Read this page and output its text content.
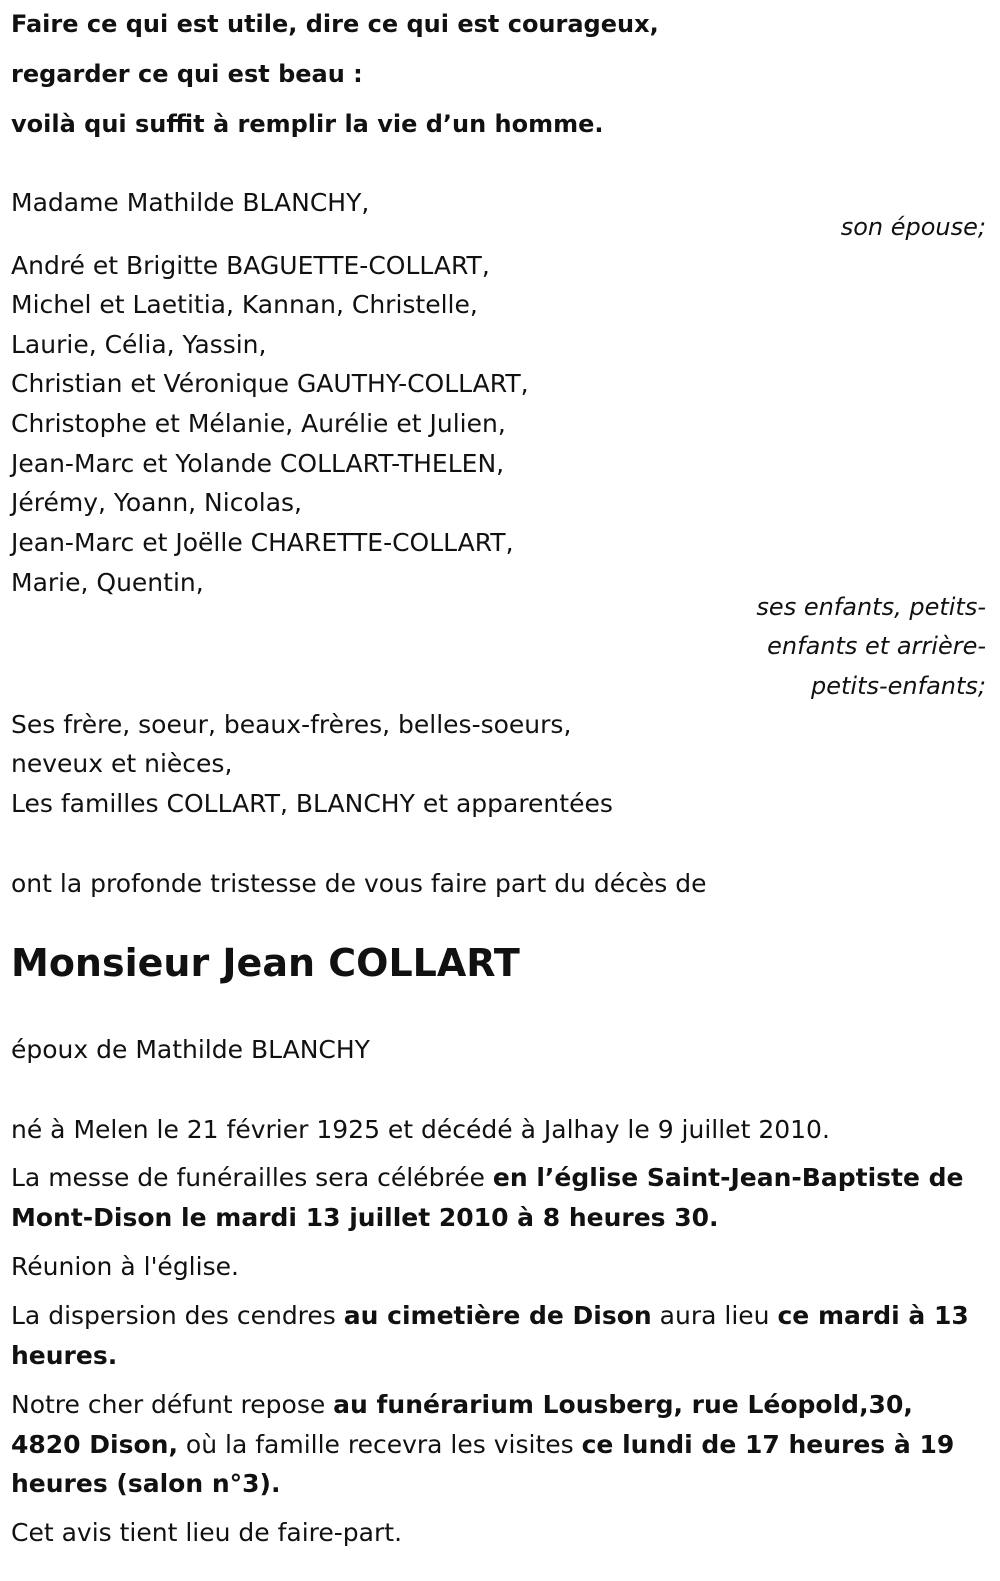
Faire ce qui est utile, dire ce qui est courageux,
regarder ce qui est beau :
voilà qui suffit à remplir la vie d’un homme.
Madame Mathilde BLANCHY,
son épouse;
André et Brigitte BAGUETTE-COLLART,
Michel et Laetitia, Kannan, Christelle,
Laurie, Célia, Yassin,
Christian et Véronique GAUTHY-COLLART,
Christophe et Mélanie, Aurélie et Julien,
Jean-Marc et Yolande COLLART-THELEN,
Jérémy, Yoann, Nicolas,
Jean-Marc et Joëlle CHARETTE-COLLART,
Marie, Quentin,
ses enfants, petits-
enfants et arrière-
petits-enfants;
Ses frère, soeur, beaux-frères, belles-soeurs,
neveux et nièces,
Les familles COLLART, BLANCHY et apparentées
ont la profonde tristesse de vous faire part du décès de
Monsieur Jean COLLART
époux de Mathilde BLANCHY
né à Melen le 21 février 1925 et décédé à Jalhay le 9 juillet 2010.
La messe de funérailles sera célébrée en l’église Saint-Jean-Baptiste de
Mont-Dison le mardi 13 juillet 2010 à 8 heures 30.
Réunion à l'église.
La dispersion des cendres au cimetière de Dison aura lieu ce mardi à 13
heures.
Notre cher défunt repose au funérarium Lousberg, rue Léopold,30,
4820 Dison, où la famille recevra les visites ce lundi de 17 heures à 19
heures (salon n°3).
Cet avis tient lieu de faire-part.
